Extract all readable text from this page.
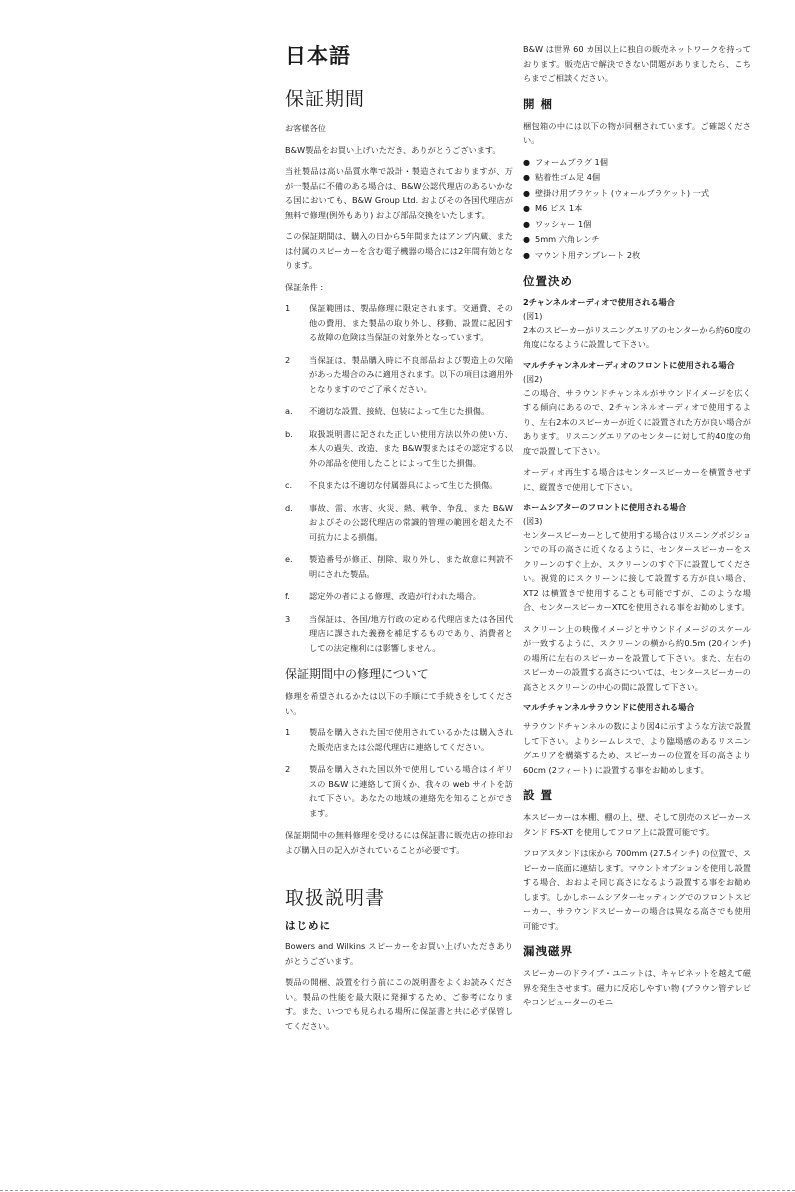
日本語
保証期間

お客様各位

B&W製品をお買い上げいただき、ありがとうございます。

当社製品は高い品質水準で設計・製造されておりますが、万が一製品に不備のある場合は、B&W公認代理店のあるいかなる国においても、B&W Group Ltd. およびその各国代理店が無料で修理(例外もあり) および部品交換をいたします。

この保証期間は、購入の日から5年間またはアンプ内蔵、または付属のスピーカーを含む電子機器の場合には2年間有効となります。

保証条件 :

1	保証範囲は、製品修理に限定されます。交通費、その他の費用、また製品の取り外し、移動、設置に起因する故障の危険は当保証の対象外となっています。
2	当保証は、製品購入時に不良部品および製造上の欠陥があった場合のみに適用されます。以下の項目は適用外となりますのでご了承ください。
a.	不適切な設置、接続、包装によって生じた損傷。
b.	取扱説明書に記された正しい使用方法以外の使い方、本人の過失、改造、また B&W製またはその認定する以外の部品を使用したことによって生じた損傷。
c.	不良または不適切な付属器具によって生じた損傷。
d.	事故、雷、水害、火災、熱、戦争、争乱、また B&W およびその公認代理店の常識的管理の範囲を超えた不可抗力による損傷。
e.	製造番号が修正、削除、取り外し、また故意に判読不明にされた製品。
f.	認定外の者による修理、改造が行われた場合。
3	当保証は、各国/地方行政の定める代理店または各国代理店に課された義務を補足するものであり、消費者としての法定権利には影響しません。
保証期間中の修理について

修理を希望されるかたは以下の手順にて手続きをしてください。

1	製品を購入された国で使用されているかたは購入された販売店または公認代理店に連絡してください。
2	製品を購入された国以外で使用している場合はイギリスの B&W に連絡して頂くか、我々の web サイトを訪れて下さい。あなたの地域の連絡先を知ることができます。

保証期間中の無料修理を受けるには保証書に販売店の捺印および購入日の記入がされていることが必要です。

取扱説明書
はじめに

Bowers and Wilkins スピーカーをお買い上げいただきありがとうございます。

製品の開梱、設置を行う前にこの説明書をよくお読みください。製品の性能を最大限に発揮するため、ご参考になります。また、いつでも見られる場所に保証書と共に必ず保管してください。

B&W は世界 60 カ国以上に独自の販売ネットワークを持っております。販売店で解決できない問題がありましたら、こちらまでご相談ください。

開 梱

梱包箱の中には以下の物が同梱されています。ご確認ください。

● フォームプラグ 1個
● 粘着性ゴム足 4個
● 壁掛け用ブラケット (ウォールブラケット) 一式
● M6 ビス 1本
● ワッシャー 1個
● 5mm 六角レンチ
● マウント用テンプレート 2枚
位置決め
2チャンネルオーディオで使用される場合
(図1)

2本のスピーカーがリスニングエリアのセンターから約60度の角度になるように設置して下さい。

マルチチャンネルオーディオのフロントに使用される場合
(図2)

この場合、サラウンドチャンネルがサウンドイメージを広くする傾向にあるので、2チャンネルオーディオで使用するより、左右2本のスピーカーが近くに設置された方が良い場合があります。リスニングエリアのセンターに対して約40度の角度で設置して下さい。

オーディオ再生する場合はセンタースピーカーを横置きせずに、縦置きで使用して下さい。

ホームシアターのフロントに使用される場合
(図3)

センタースピーカーとして使用する場合はリスニングポジションでの耳の高さに近くなるように、センタースピーカーをスクリーンのすぐ上か、スクリーンのすぐ下に設置してください。視覚的にスクリーンに接して設置する方が良い場合、XT2 は横置きで使用することも可能ですが、このような場合、センタースピーカーXTCを使用される事をお勧めします。

スクリーン上の映像イメージとサウンドイメージのスケールが一致するように、スクリーンの横から約0.5m (20インチ) の場所に左右のスピーカーを設置して下さい。また、左右のスピーカーの設置する高さについては、センタースピーカーの高さとスクリーンの中心の間に設置して下さい。

マルチチャンネルサラウンドに使用される場合

サラウンドチャンネルの数により図4に示すような方法で設置して下さい。よりシームレスで、より臨場感のあるリスニングエリアを構築するため、スピーカーの位置を耳の高さより 60cm (2フィート) に設置する事をお勧めします。

設 置

本スピーカーは本棚、棚の上、壁、そして別売のスピーカースタンド FS-XT を使用してフロア上に設置可能です。

フロアスタンドは床から 700mm (27.5インチ) の位置で、スピーカー底面に連結します。マウントオプションを使用し設置する場合、おおよそ同じ高さになるよう設置する事をお勧めします。しかしホームシアターセッティングでのフロントスピーカー、サラウンドスピーカーの場合は異なる高さでも使用可能です。

漏洩磁界

スピーカーのドライブ・ユニットは、キャビネットを越えて磁界を発生させます。磁力に反応しやすい物 (ブラウン管テレビやコンピューターのモニ
